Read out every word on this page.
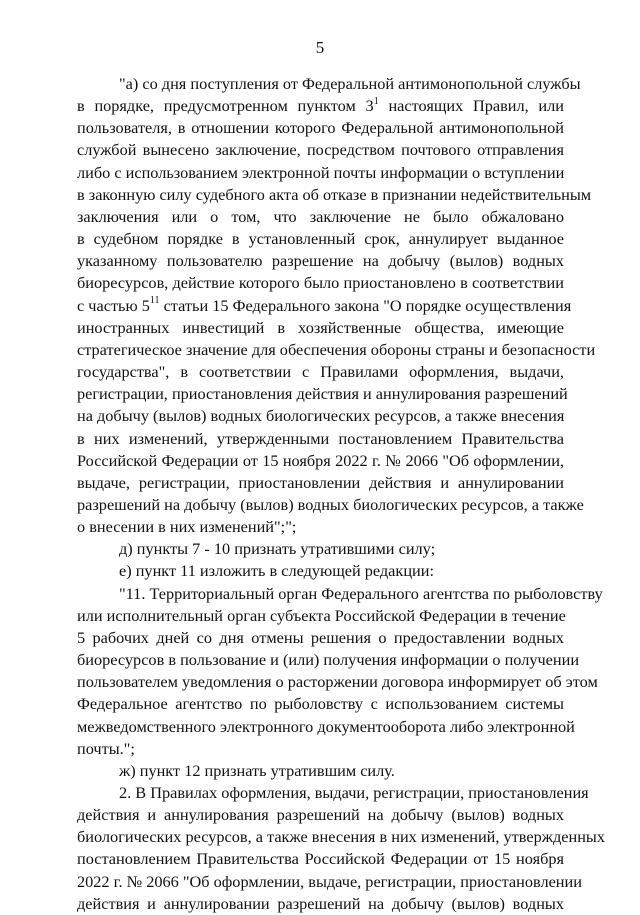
5
"а) со дня поступления от Федеральной антимонопольной службы
в порядке, предусмотренном пунктом $3^1$ настоящих Правил, или
пользователя, в отношении которого Федеральной антимонопольной
службой вынесено заключение, посредством почтового отправления
либо с использованием электронной почты информации о вступлении
в законную силу судебного акта об отказе в признании недействительным
заключения или о том, что заключение не было обжаловано
в судебном порядке в установленный срок, аннулирует выданное
указанному пользователю разрешение на добычу (вылов) водных
биоресурсов, действие которого было приостановлено в соответствии
с частью $5^{11}$ статьи 15 Федерального закона "О порядке осуществления
иностранных инвестиций в хозяйственные общества, имеющие
стратегическое значение для обеспечения обороны страны и безопасности
государства", в соответствии с Правилами оформления, выдачи,
регистрации, приостановления действия и аннулирования разрешений
на добычу (вылов) водных биологических ресурсов, а также внесения
в них изменений, утвержденными постановлением Правительства
Российской Федерации от 15 ноября 2022 г. № 2066 "Об оформлении,
выдаче, регистрации, приостановлении действия и аннулировании
разрешений на добычу (вылов) водных биологических ресурсов, а также
о внесении в них изменений";";
д) пункты 7 - 10 признать утратившими силу;
е) пункт 11 изложить в следующей редакции:
"11. Территориальный орган Федерального агентства по рыболовству
или исполнительный орган субъекта Российской Федерации в течение
5 рабочих дней со дня отмены решения о предоставлении водных
биоресурсов в пользование и (или) получения информации о получении
пользователем уведомления о расторжении договора информирует об этом
Федеральное агентство по рыболовству с использованием системы
межведомственного электронного документооборота либо электронной
почты.";
ж) пункт 12 признать утратившим силу.
2. В Правилах оформления, выдачи, регистрации, приостановления
действия и аннулирования разрешений на добычу (вылов) водных
биологических ресурсов, а также внесения в них изменений, утвержденных
постановлением Правительства Российской Федерации от 15 ноября
2022 г. № 2066 "Об оформлении, выдаче, регистрации, приостановлении
действия и аннулировании разрешений на добычу (вылов) водных
